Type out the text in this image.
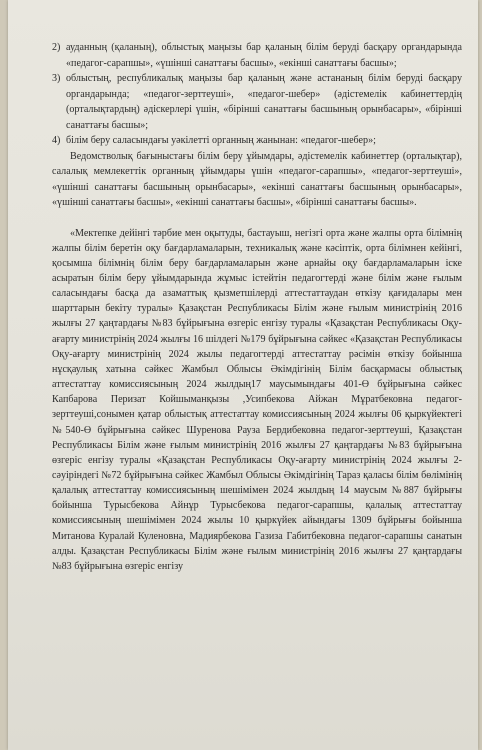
2) ауданның (қаланың), облыстық маңызы бар қаланың білім беруді басқару органдарында «педагог-сарапшы», «үшінші санаттағы басшы», «екінші санаттағы басшы»;
3) облыстың, республикалық маңызы бар қаланың және астананың білім беруді басқару органдарында; «педагог-зерттеуші», «педагог-шебер» (әдістемелік кабинеттердің (орталықтардың) әдіскерлері үшін, «бірінші санаттағы басшының орынбасары», «бірінші санаттағы басшы»;
4) білім беру саласындағы уәкілетті органның жанынан: «педагог-шебер»;

Ведомстволық бағыныстағы білім беру ұйымдары, әдістемелік кабинеттер (орталықтар), салалық мемлекеттік органның ұйымдары үшін «педагог-сарапшы», «педагог-зерттеуші», «үшінші санаттағы басшының орынбасары», «екінші санаттағы басшының орынбасары», «үшінші санаттағы басшы», «екінші санаттағы басшы», «бірінші санаттағы басшы».

«Мектепке дейінгі тәрбие мен оқытуды, бастауыш, негізгі орта және жалпы орта білімнің жалпы білім беретін оқу бағдарламаларын, техникалық және кәсіптік, орта білімнен кейінгі, қосымша білімнің білім беру бағдарламаларын және арнайы оқу бағдарламаларын іске асыратын білім беру ұйымдарында жұмыс істейтін педагогтерді және білім және ғылым саласындағы басқа да азаматтық қызметшілерді аттестаттаудан өткізу қағидалары мен шарттарын бекіту туралы» Қазақстан Республикасы Білім және ғылым министрінің 2016 жылғы 27 қаңтардағы №83 бұйрығына өзгеріс енгізу туралы «Қазақстан Республикасы Оқу-ағарту министрінің 2024 жылғы 16 шілдегі №179 бұйрығына сәйкес «Қазақстан Республикасы Оқу-ағарту министрінің 2024 жылы педагогтерді аттестаттау рәсімін өткізу бойынша нұсқаулық хатына сәйкес Жамбыл Облысы Әкімдігінің Білім басқармасы облыстық аттестаттау комиссиясының 2024 жылдың17 маусымындағы 401-Ө бұйрығына сәйкес Капбарова Перизат Койшыманқызы ,Усипбекова Айжан Мұратбековна педагог-зерттеуші,сонымен қатар облыстық аттестаттау комиссиясының 2024 жылғы 06 қыркүйектегі №540-Ө бұйрығына сәйкес Шуренова Рауза Бердибековна педагог-зерттеуші, Қазақстан Республикасы Білім және ғылым министрінің 2016 жылғы 27 қаңтардағы №83 бұйрығына өзгеріс енгізу туралы «Қазақстан Республикасы Оқу-ағарту министрінің 2024 жылғы 2-сәуіріндегі №72 бұйрығына сәйкес Жамбыл Облысы Әкімдігінің Тараз қаласы білім бөлімінің қалалық аттестаттау комиссиясының шешімімен 2024 жылдың 14 маусым №887 бұйрығы бойынша Турысбекова Айнұр Турысбекова педагог-сарапшы, қалалық аттестаттау комиссиясының шешімімен 2024 жылы 10 қыркүйек айындағы 1309 бұйрығы бойынша Митанова Куралай Куленовна, Мадиярбекова Газиза Габитбековна педагог-сарапшы санатын алды. Қазақстан Республикасы Білім және ғылым министрінің 2016 жылғы 27 қаңтардағы №83 бұйрығына өзгеріс енгізу
